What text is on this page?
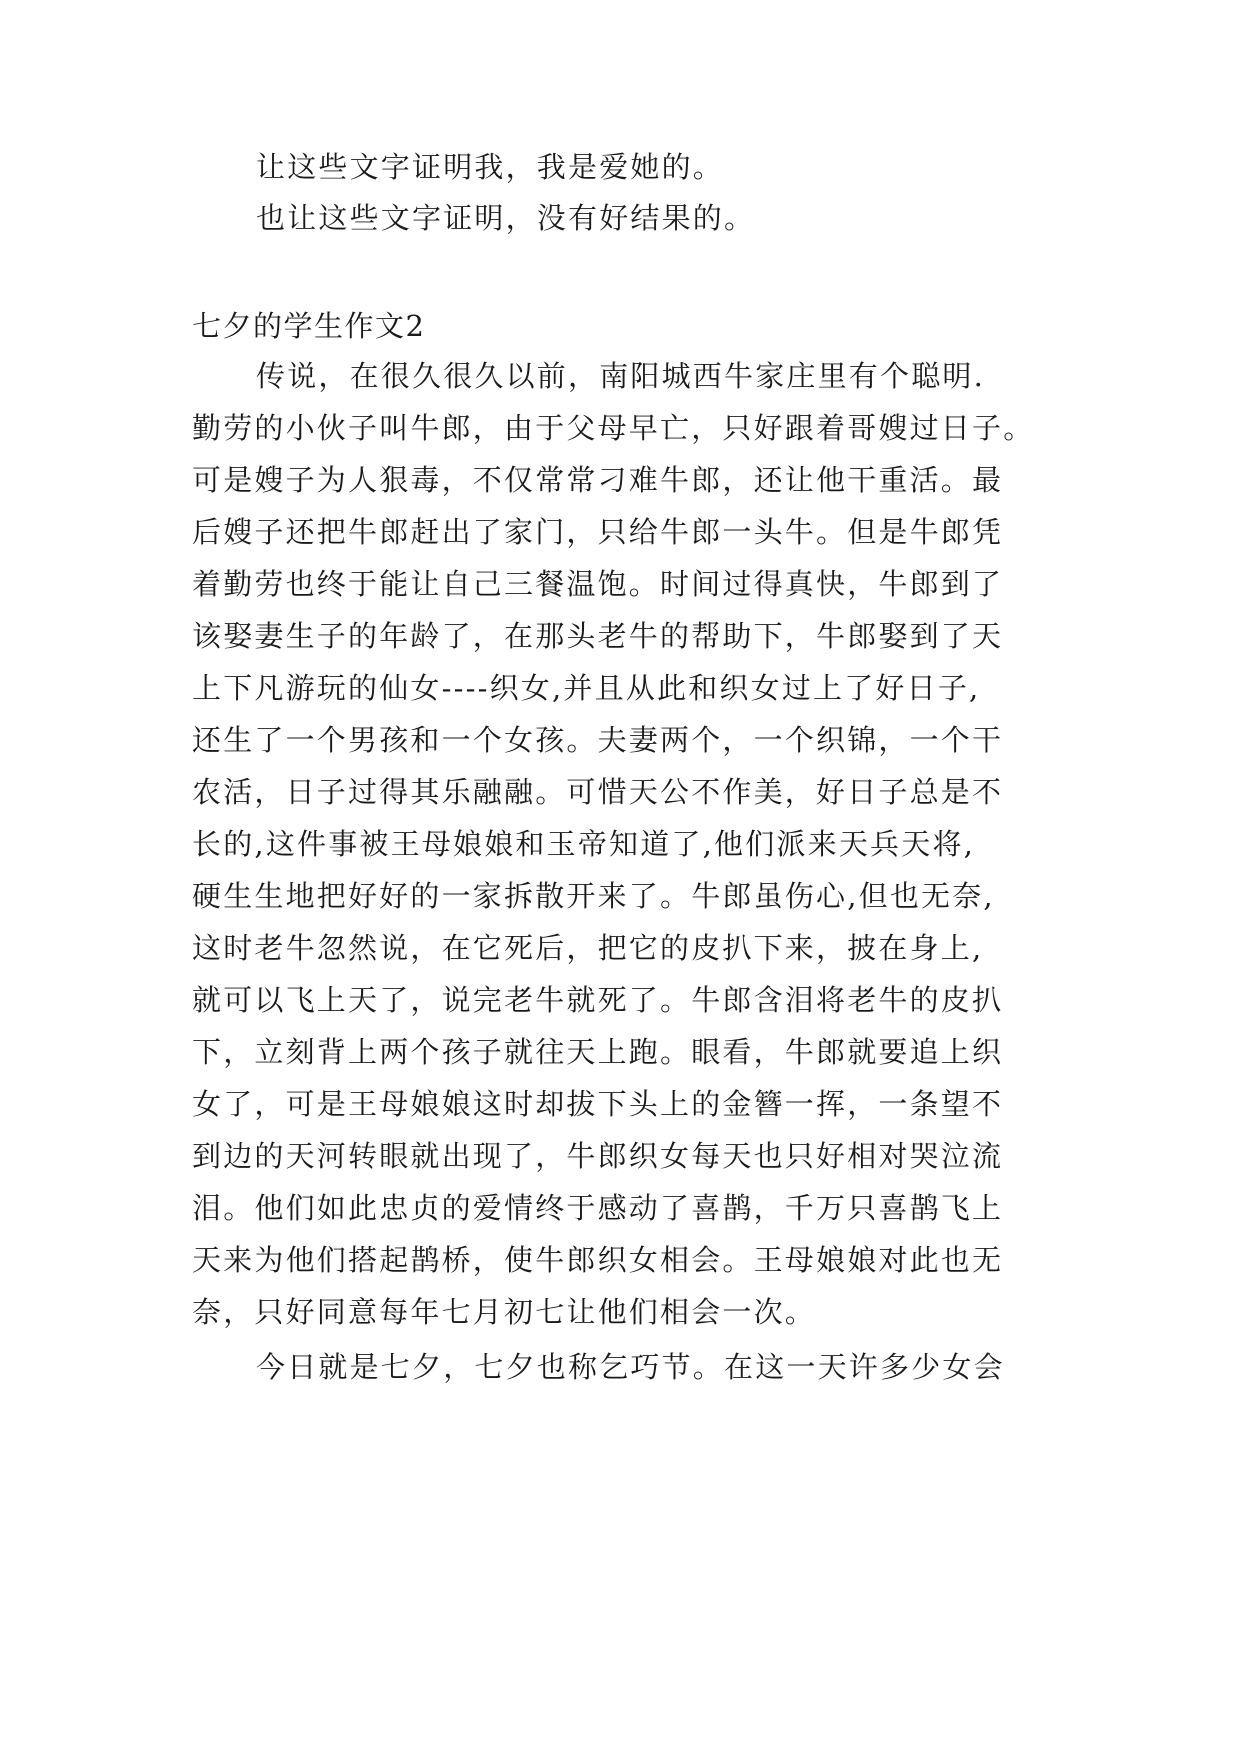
让这些文字证明我，我是爱她的。
也让这些文字证明，没有好结果的。
七夕的学生作文2
传说，在很久很久以前，南阳城西牛家庄里有个聪明.
勤劳的小伙子叫牛郎，由于父母早亡，只好跟着哥嫂过日子。
可是嫂子为人狠毒，不仅常常刁难牛郎，还让他干重活。最
后嫂子还把牛郎赶出了家门，只给牛郎一头牛。但是牛郎凭
着勤劳也终于能让自己三餐温饱。时间过得真快，牛郎到了
该娶妻生子的年龄了，在那头老牛的帮助下，牛郎娶到了天
上下凡游玩的仙女----织女,并且从此和织女过上了好日子,
还生了一个男孩和一个女孩。夫妻两个，一个织锦，一个干
农活，日子过得其乐融融。可惜天公不作美，好日子总是不
长的,这件事被王母娘娘和玉帝知道了,他们派来天兵天将,
硬生生地把好好的一家拆散开来了。牛郎虽伤心,但也无奈,
这时老牛忽然说，在它死后，把它的皮扒下来，披在身上,
就可以飞上天了，说完老牛就死了。牛郎含泪将老牛的皮扒
下，立刻背上两个孩子就往天上跑。眼看，牛郎就要追上织
女了，可是王母娘娘这时却拔下头上的金簪一挥，一条望不
到边的天河转眼就出现了，牛郎织女每天也只好相对哭泣流
泪。他们如此忠贞的爱情终于感动了喜鹊，千万只喜鹊飞上
天来为他们搭起鹊桥，使牛郎织女相会。王母娘娘对此也无
奈，只好同意每年七月初七让他们相会一次。
今日就是七夕，七夕也称乞巧节。在这一天许多少女会
